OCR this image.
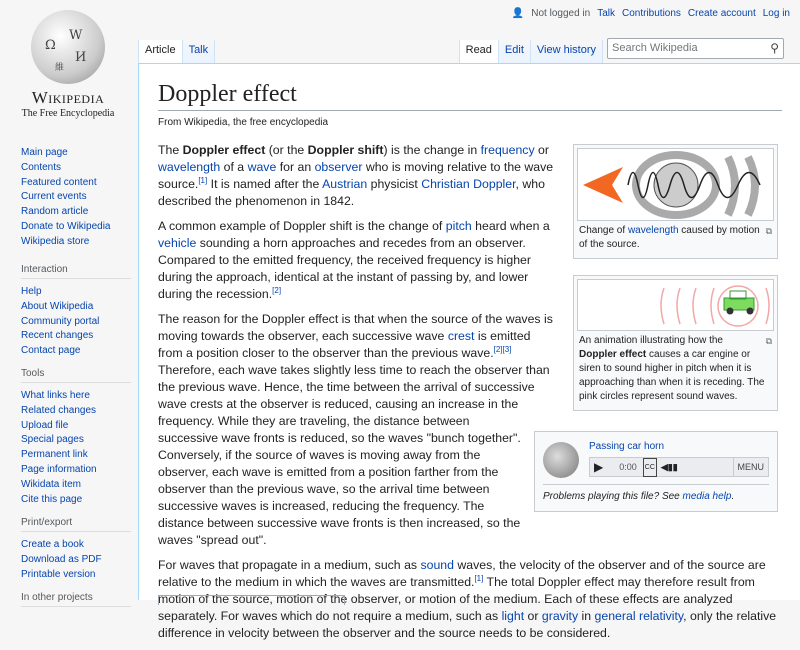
Ω
W
И
維
Wikipedia
The Free Encyclopedia
Main page
Contents
Featured content
Current events
Random article
Donate to Wikipedia
Wikipedia store
Interaction
Help
About Wikipedia
Community portal
Recent changes
Contact page
Tools
What links here
Related changes
Upload file
Special pages
Permanent link
Page information
Wikidata item
Cite this page
Print/export
Create a book
Download as PDF
Printable version
In other projects
👤 Not logged in Talk Contributions Create account Log in
Article	Talk	Read	Edit	View history	Search Wikipedia	⚲
Doppler effect
From Wikipedia, the free encyclopedia
⧉
Change of wavelength caused by motion of the source.
⧉
An animation illustrating how the Doppler effect causes a car engine or siren to sound higher in pitch when it is approaching than when it is receding. The pink circles represent sound waves.

The Doppler effect (or the Doppler shift) is the change in frequency or wavelength of a wave for an observer who is moving relative to the wave source.[1] It is named after the Austrian physicist Christian Doppler, who described the phenomenon in 1842.

A common example of Doppler shift is the change of pitch heard when a vehicle sounding a horn approaches and recedes from an observer. Compared to the emitted frequency, the received frequency is higher during the approach, identical at the instant of passing by, and lower during the recession.[2]

Passing car horn
▶	0:00	CC ◀▮▮	MENU
Problems playing this file? See media help.

The reason for the Doppler effect is that when the source of the waves is moving towards the observer, each successive wave crest is emitted from a position closer to the observer than the previous wave.[2][3] Therefore, each wave takes slightly less time to reach the observer than the previous wave. Hence, the time between the arrival of successive wave crests at the observer is reduced, causing an increase in the frequency. While they are traveling, the distance between successive wave fronts is reduced, so the waves "bunch together". Conversely, if the source of waves is moving away from the observer, each wave is emitted from a position farther from the observer than the previous wave, so the arrival time between successive waves is increased, reducing the frequency. The distance between successive wave fronts is then increased, so the waves "spread out".

For waves that propagate in a medium, such as sound waves, the velocity of the observer and of the source are relative to the medium in which the waves are transmitted.[1] The total Doppler effect may therefore result from motion of the source, motion of the observer, or motion of the medium. Each of these effects are analyzed separately. For waves which do not require a medium, such as light or gravity in general relativity, only the relative difference in velocity between the observer and the source needs to be considered.
